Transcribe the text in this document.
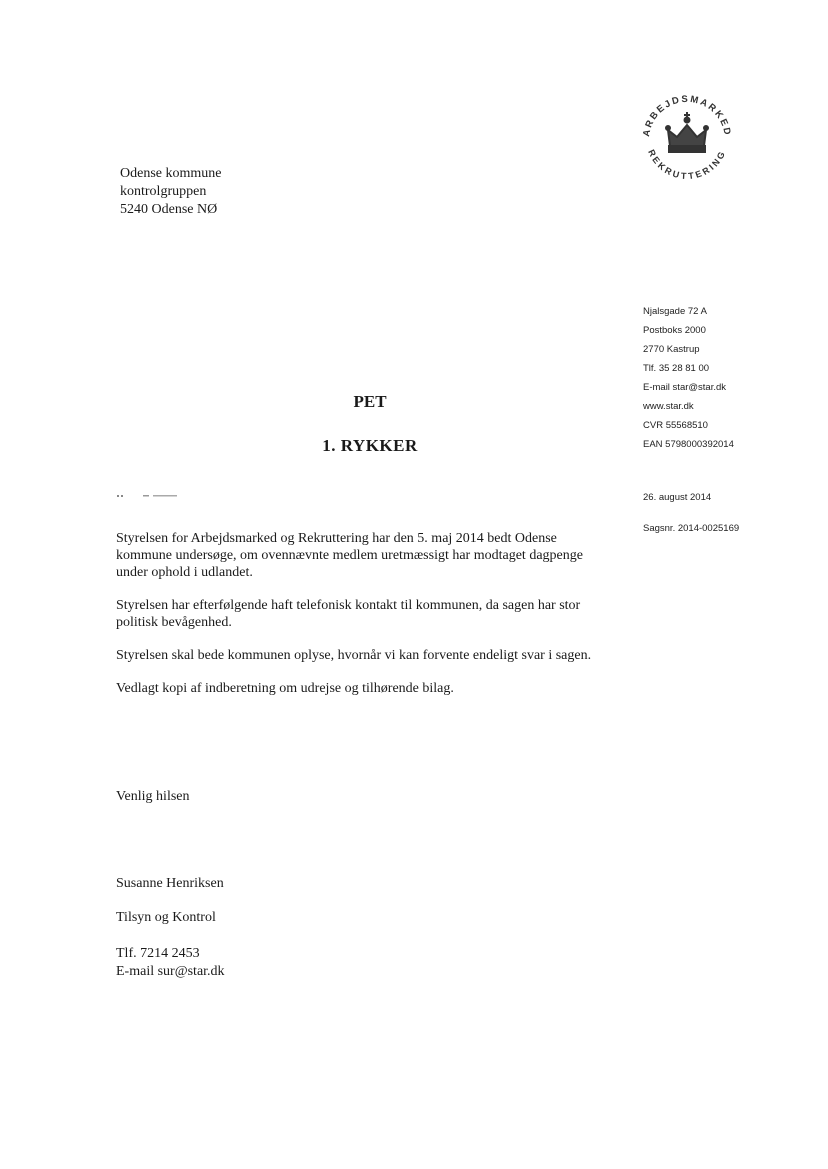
ARBEJDSMARKED
REKRUTTERING
Odense kommune
kontrolgruppen
5240 Odense NØ
Njalsgade 72 A
Postboks 2000
2770 Kastrup
Tlf. 35 28 81 00
E-mail star@star.dk
www.star.dk
CVR 55568510
EAN 5798000392014
PET
1. RYKKER
26. august 2014
Sagsnr. 2014-0025169

Styrelsen for Arbejdsmarked og Rekruttering har den 5. maj 2014 bedt Odense kommune undersøge, om ovennævnte medlem uretmæssigt har modtaget dagpenge under ophold i udlandet.

Styrelsen har efterfølgende haft telefonisk kontakt til kommunen, da sagen har stor politisk bevågenhed.

Styrelsen skal bede kommunen oplyse, hvornår vi kan forvente endeligt svar i sagen.

Vedlagt kopi af indberetning om udrejse og tilhørende bilag.

Venlig hilsen
Susanne Henriksen
Tilsyn og Kontrol
Tlf. 7214 2453
E-mail sur@star.dk
